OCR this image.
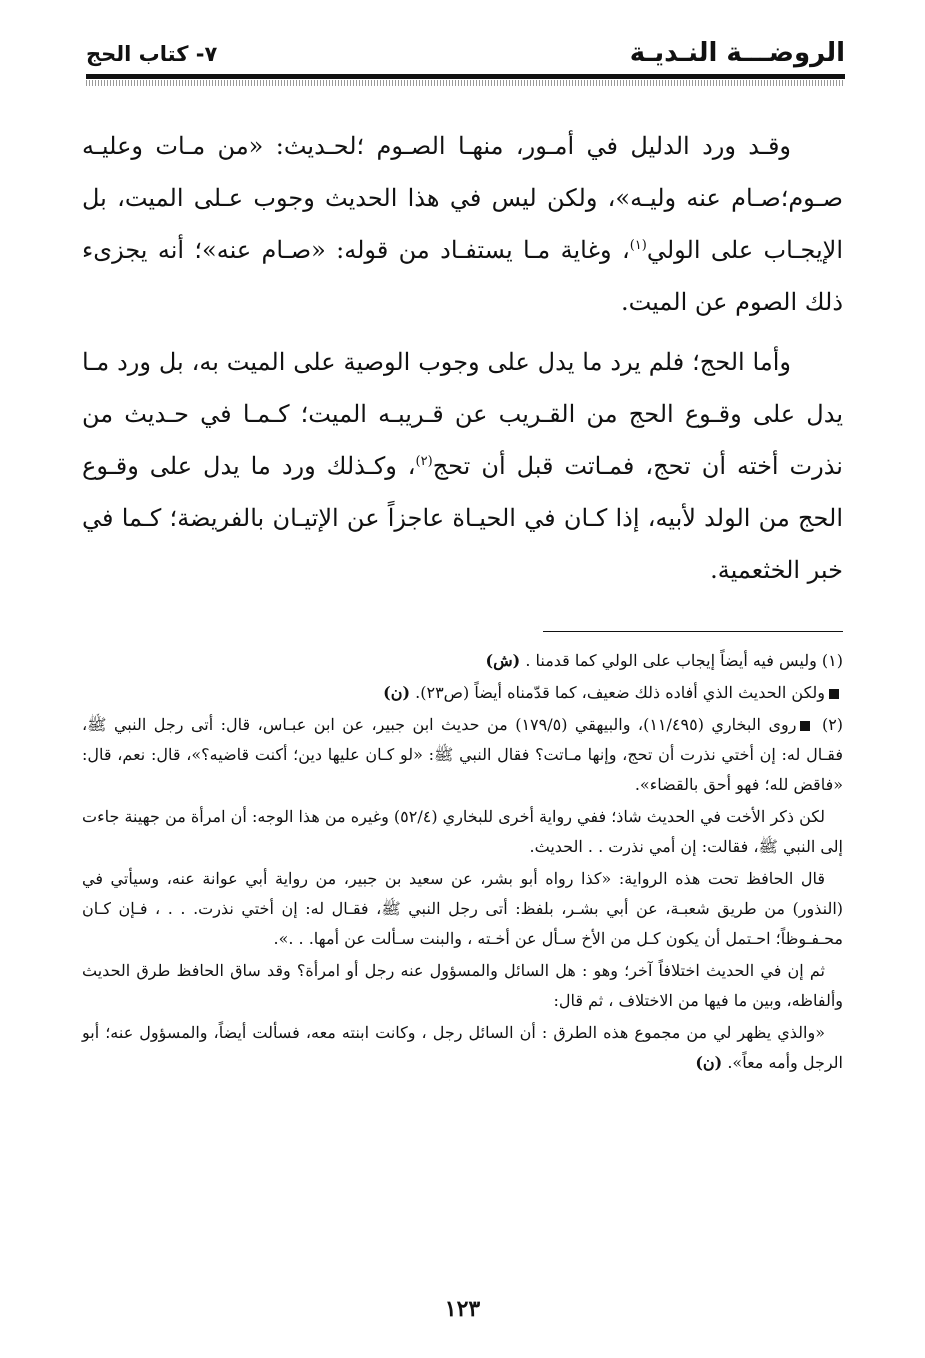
الروضـــة النـديـة
٧- كتاب الحج

وقـد ورد الدليل في أمـور، منهـا الصـوم ؛لحـديث: «من مـات وعليـه صـوم؛صـام عنه وليـه»، ولكن ليس في هذا الحديث وجوب عـلى الميت، بل الإيجـاب على الولي$^{(١)}$، وغاية مـا يستفـاد من قوله: «صـام عنه»؛ أنه يجزىء ذلك الصوم عن الميت.

وأما الحج؛ فلم يرد ما يدل على وجوب الوصية على الميت به، بل ورد مـا يدل على وقـوع الحج من القـريب عن قـريبـه الميت؛ كـمـا في حـديث من نذرت أخته أن تحج، فمـاتت قبل أن تحج$^{(٢)}$، وكـذلك ورد ما يدل على وقـوع الحج من الولد لأبيه، إذا كـان في الحيـاة عاجزاً عن الإتيـان بالفريضة؛ كـما في خبر الخثعمية.

(١) وليس فيه أيضاً إيجاب على الولي كما قدمنا . (ش)

ولكن الحديث الذي أفاده ذلك ضعيف، كما قدّمناه أيضاً (ص٢٣). (ن)

(٢) روى البخاري (١١/٤٩٥)، والبيهقي (١٧٩/٥) من حديث ابن جبير، عن ابن عبـاس، قال: أتى رجل النبي ﷺ، فقـال له: إن أختي نذرت أن تحج، وإنها مـاتت؟ فقال النبي ﷺ: «لو كـان عليها دين؛ أكنت قاضيه؟»، قال: نعم، قال: «فاقض لله؛ فهو أحق بالقضاء».

لكن ذكر الأخت في الحديث شاذ؛ ففي رواية أخرى للبخاري (٥٢/٤) وغيره من هذا الوجه: أن امرأة من جهينة جاءت إلى النبي ﷺ، فقالت: إن أمي نذرت . . الحديث.

قال الحافظ تحت هذه الرواية: «كذا رواه أبو بشر، عن سعيد بن جبير، من رواية أبي عوانة عنه، وسيأتي في (النذور) من طريق شعبـة، عن أبي بشـر، بلفظ: أتى رجل النبي ﷺ، فقـال له: إن أختي نذرت. . . ، فـإن كـان محـفـوظاً؛ احـتمل أن يكون كـل من الأخ سـأل عن أخـته ، والبنت سـألت عن أمها. . .».

ثم إن في الحديث اختلافاً آخر؛ وهو : هل السائل والمسؤول عنه رجل أو امرأة؟ وقد ساق الحافظ طرق الحديث وألفاظه، وبين ما فيها من الاختلاف ، ثم قال:

«والذي يظهر لي من مجموع هذه الطرق : أن السائل رجل ، وكانت ابنته معه، فسألت أيضاً، والمسؤول عنه؛ أبو الرجل وأمه معاً». (ن)

١٢٣
